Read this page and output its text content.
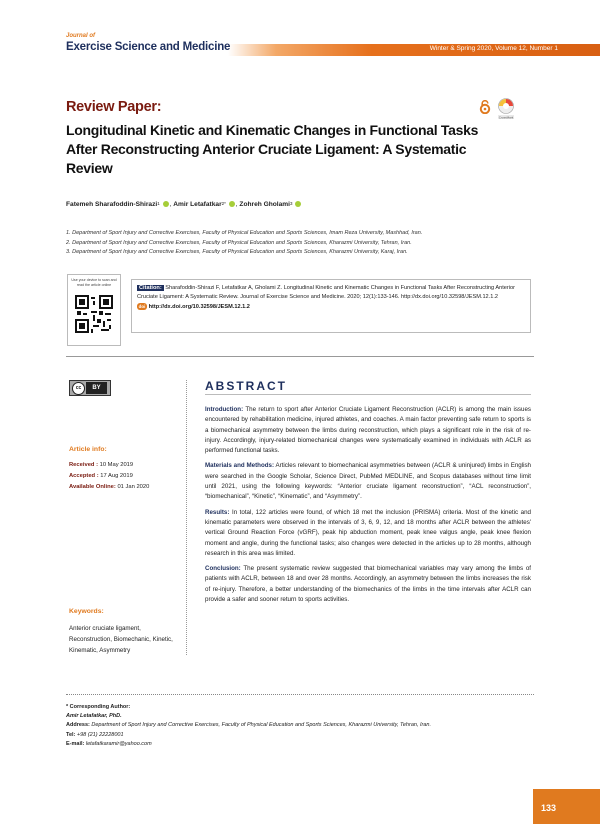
Journal of
Exercise Science and Medicine	Winter & Spring 2020, Volume 12, Number 1
Review Paper:
Longitudinal Kinetic and Kinematic Changes in Functional Tasks After Reconstructing Anterior Cruciate Ligament: A Systematic Review
CrossMark
Fatemeh Sharafoddin-Shirazi$^1$ , Amir Letafatkar$^{2*}$ , Zohreh Gholami$^3$
1. Department of Sport Injury and Corrective Exercises, Faculty of Physical Education and Sports Sciences, Imam Reza University, Mashhad, Iran.
2. Department of Sport Injury and Corrective Exercises, Faculty of Physical Education and Sports Sciences, Kharazmi University, Tehran, Iran.
3. Department of Sport Injury and Corrective Exercises, Faculty of Physical Education and Sports Sciences, Kharazmi University, Karaj, Iran.
Use your device to scan and read the article online
Citation: Sharafoddin-Shirazi F, Letafatkar A, Gholami Z. Longitudinal Kinetic and Kinematic Changes in Functional Tasks After Reconstructing Anterior Cruciate Ligament: A Systematic Review. Journal of Exercise Science and Medicine. 2020; 12(1):133-146. http://dx.doi.org/10.32598/JESM.12.1.2
doi http://dx.doi.org/10.32598/JESM.12.1.2
cc	BY
Article info:
Received : 10 May 2019
Accepted : 17 Aug 2019
Available Online: 01 Jan 2020
Keywords:
Anterior cruciate ligament, Reconstruction, Biomechanic, Kinetic, Kinematic, Asymmetry
ABSTRACT

Introduction: The return to sport after Anterior Cruciate Ligament Reconstruction (ACLR) is among the main issues encountered by rehabilitation medicine, injured athletes, and coaches. A main factor preventing safe return to sports is a biomechanical asymmetry between the limbs during reconstruction, which plays a significant role in the risk of re-injury. Accordingly, injury-related biomechanical changes were systematically examined in individuals with ACLR as performed functional tasks.

Materials and Methods: Articles relevant to biomechanical asymmetries between (ACLR & uninjured) limbs in English were searched in the Google Scholar, Science Direct, PubMed MEDLINE, and Scopus databases without time limit until 2021, using the following keywords: “Anterior cruciate ligament reconstruction”, “ACL reconstruction”, “biomechanical”, “Kinetic”, “Kinematic”, and “Asymmetry”.

Results: In total, 122 articles were found, of which 18 met the inclusion (PRISMA) criteria. Most of the kinetic and kinematic parameters were observed in the intervals of 3, 6, 9, 12, and 18 months after ACLR between the athletes' vertical Ground Reaction Force (vGRF), peak hip abduction moment, peak knee valgus angle, peak knee flexion moment and angle, during the functional tasks; also changes were detected in the articles up to 28 months, although research in this area was limited.

Conclusion: The present systematic review suggested that biomechanical variables may vary among the limbs of patients with ACLR, between 18 and over 28 months. Accordingly, an asymmetry between the limbs increases the risk of re-injury. Therefore, a better understanding of the biomechanics of the limbs in the time intervals after ACLR can provide a safer and sooner return to sports activities.

* Corresponding Author:
Amir Letafatkar, PhD.
Address: Department of Sport Injury and Corrective Exercises, Faculty of Physical Education and Sports Sciences, Kharazmi University, Tehran, Iran.
Tel: +98 (21) 22228001
E-mail: letafatkaramir@yahoo.com
133
